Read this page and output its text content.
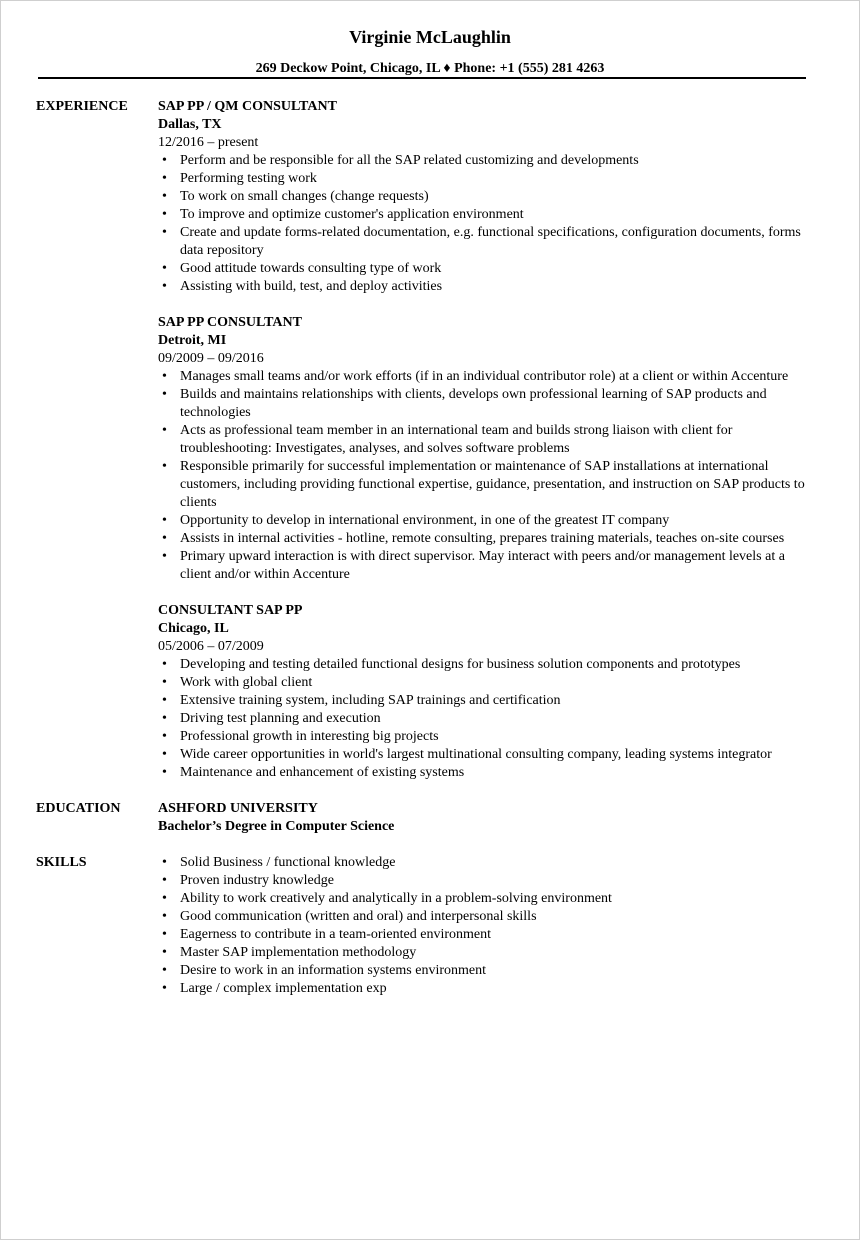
Virginie McLaughlin
269 Deckow Point, Chicago, IL ♦ Phone: +1 (555) 281 4263
EXPERIENCE SAP PP / QM CONSULTANT
Dallas, TX
12/2016 – present
• Perform and be responsible for all the SAP related customizing and developments
• Performing testing work
• To work on small changes (change requests)
• To improve and optimize customer's application environment
• Create and update forms-related documentation, e.g. functional specifications, configuration documents, forms data repository
• Good attitude towards consulting type of work
• Assisting with build, test, and deploy activities
SAP PP CONSULTANT
Detroit, MI
09/2009 – 09/2016
• Manages small teams and/or work efforts (if in an individual contributor role) at a client or within Accenture
• Builds and maintains relationships with clients, develops own professional learning of SAP products and technologies
• Acts as professional team member in an international team and builds strong liaison with client for troubleshooting: Investigates, analyses, and solves software problems
• Responsible primarily for successful implementation or maintenance of SAP installations at international customers, including providing functional expertise, guidance, presentation, and instruction on SAP products to clients
• Opportunity to develop in international environment, in one of the greatest IT company
• Assists in internal activities - hotline, remote consulting, prepares training materials, teaches on-site courses
• Primary upward interaction is with direct supervisor. May interact with peers and/or management levels at a client and/or within Accenture
CONSULTANT SAP PP
Chicago, IL
05/2006 – 07/2009
• Developing and testing detailed functional designs for business solution components and prototypes
• Work with global client
• Extensive training system, including SAP trainings and certification
• Driving test planning and execution
• Professional growth in interesting big projects
• Wide career opportunities in world's largest multinational consulting company, leading systems integrator
• Maintenance and enhancement of existing systems
EDUCATION	ASHFORD UNIVERSITY
Bachelor’s Degree in Computer Science
SKILLS
•	Solid Business / functional knowledge
• Proven industry knowledge
• Ability to work creatively and analytically in a problem-solving environment
• Good communication (written and oral) and interpersonal skills
• Eagerness to contribute in a team-oriented environment
• Master SAP implementation methodology
• Desire to work in an information systems environment
• Large / complex implementation exp
